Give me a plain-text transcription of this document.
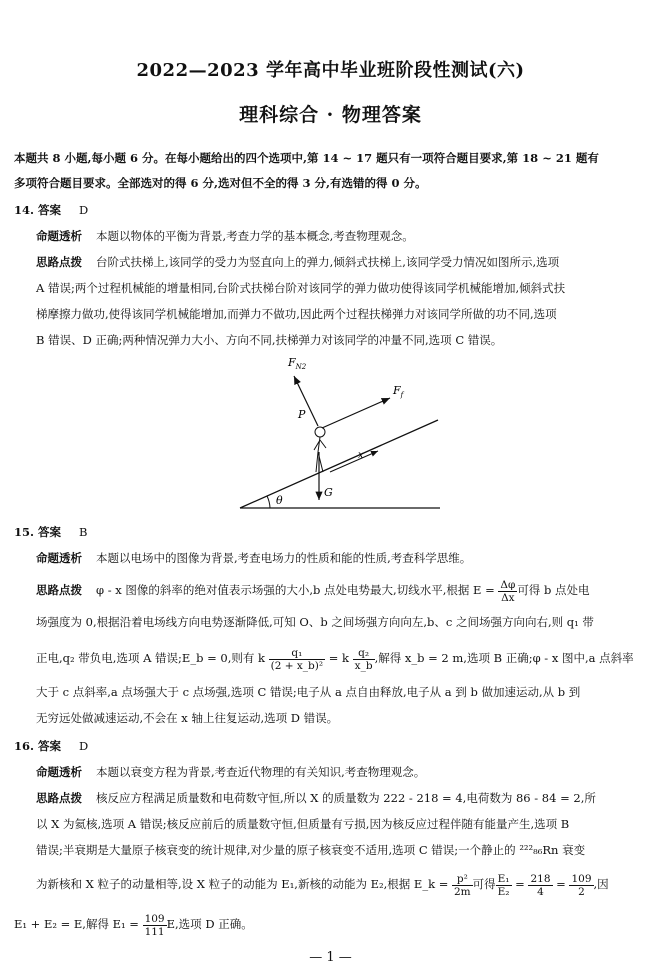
2022—2023 学年高中毕业班阶段性测试(六)
理科综合 · 物理答案

本题共 8 小题,每小题 6 分。在每小题给出的四个选项中,第 14 ~ 17 题只有一项符合题目要求,第 18 ~ 21 题有

多项符合题目要求。全部选对的得 6 分,选对但不全的得 3 分,有选错的得 0 分。

14. 答案 D

命题透析 本题以物体的平衡为背景,考查力学的基本概念,考查物理观念。

思路点拨 台阶式扶梯上,该同学的受力为竖直向上的弹力,倾斜式扶梯上,该同学受力情况如图所示,选项

A 错误;两个过程机械能的增量相同,台阶式扶梯台阶对该同学的弹力做功使得该同学机械能增加,倾斜式扶

梯摩擦力做功,使得该同学机械能增加,而弹力不做功,因此两个过程扶梯弹力对该同学所做的功不同,选项

B 错误、D 正确;两种情况弹力大小、方向不同,扶梯弹力对该同学的冲量不同,选项 C 错误。

θ
$F_f$
$F_{N2}$
P
G
x

15. 答案 B

命题透析 本题以电场中的图像为背景,考查电场力的性质和能的性质,考查科学思维。

思路点拨 φ - x 图像的斜率的绝对值表示场强的大小,b 点处电势最大,切线水平,根据 $E = \frac{\Delta\varphi}{\Delta x}$ 可得 b 点处电

场强度为 0,根据沿着电场线方向电势逐渐降低,可知 O、b 之间场强方向向左,b、c 之间场强方向向右,则 q₁ 带

正电,q₂ 带负电,选项 A 错误;E_b = 0,则有 k $\frac{\text{q₁}}{\text{(2 + x\_b)²}} = k \frac{\text{q₂}}{x\_b}$ ,解得 x_b = 2 m,选项 B 正确;φ - x 图中,a 点斜率

大于 c 点斜率,a 点场强大于 c 点场强,选项 C 错误;电子从 a 点自由释放,电子从 a 到 b 做加速运动,从 b 到

无穷远处做减速运动,不会在 x 轴上往复运动,选项 D 错误。

16. 答案 D

命题透析 本题以衰变方程为背景,考查近代物理的有关知识,考查物理观念。

思路点拨 核反应方程满足质量数和电荷数守恒,所以 X 的质量数为 222 - 218 = 4,电荷数为 86 - 84 = 2,所

以 X 为氦核,选项 A 错误;核反应前后的质量数守恒,但质量有亏损,因为核反应过程伴随有能量产生,选项 B

错误;半衰期是大量原子核衰变的统计规律,对少量的原子核衰变不适用,选项 C 错误;一个静止的 ²²²₈₆Rn 衰变

为新核和 X 粒子的动量相等,设 X 粒子的动能为 E₁,新核的动能为 E₂,根据 E_k = $\frac{\text{p²}}{2m}$ 可得 $\frac{\text{E₁}}{\text{E₂}} = \frac{218}{4} = \frac{109}{2}$ ,因

E₁ + E₂ = E,解得 $E_1 = \frac{109}{111} E$,选项 D 正确。

— 1 —
